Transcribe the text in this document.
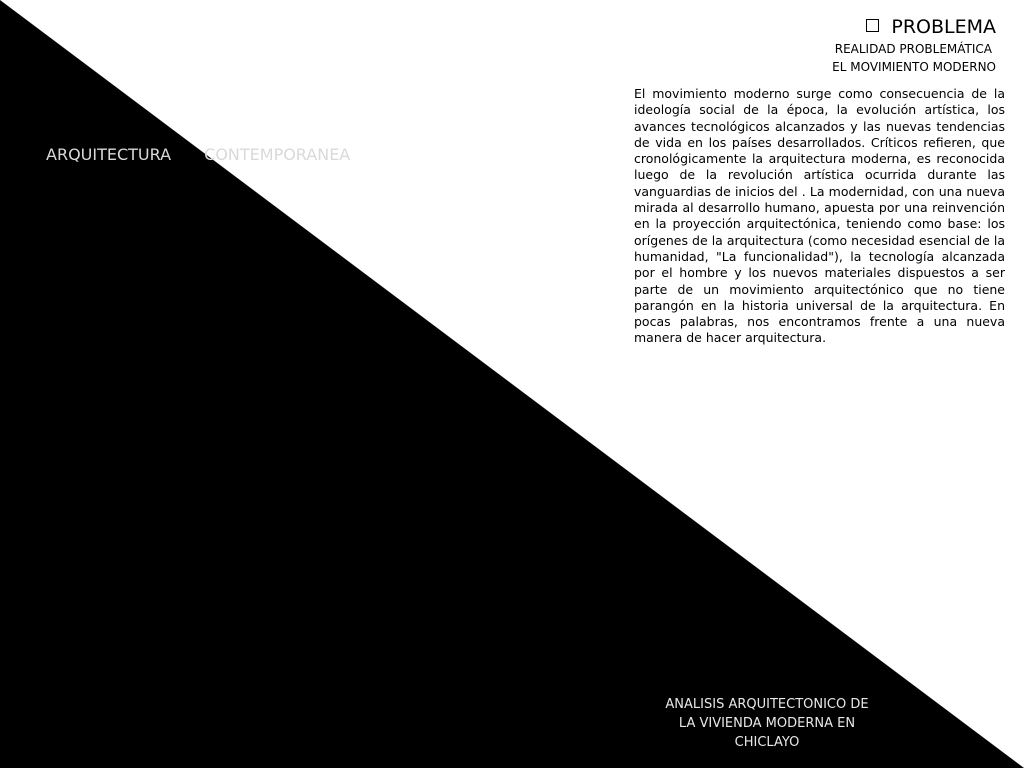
ARQUITECTURA CONTEMPORANEA
PROBLEMA
REALIDAD PROBLEMÁTICA
EL MOVIMIENTO MODERNO
El movimiento moderno surge como consecuencia de la ideología social de la época, la evolución artística, los avances tecnológicos alcanzados y las nuevas tendencias de vida en los países desarrollados. Críticos refieren, que cronológicamente la arquitectura moderna, es reconocida luego de la revolución artística ocurrida durante las vanguardias de inicios del . La modernidad, con una nueva mirada al desarrollo humano, apuesta por una reinvención en la proyección arquitectónica, teniendo como base: los orígenes de la arquitectura (como necesidad esencial de la humanidad, "La funcionalidad"), la tecnología alcanzada por el hombre y los nuevos materiales dispuestos a ser parte de un movimiento arquitectónico que no tiene parangón en la historia universal de la arquitectura. En pocas palabras, nos encontramos frente a una nueva manera de hacer arquitectura.
ANALISIS ARQUITECTONICO DE
LA VIVIENDA MODERNA EN
CHICLAYO
